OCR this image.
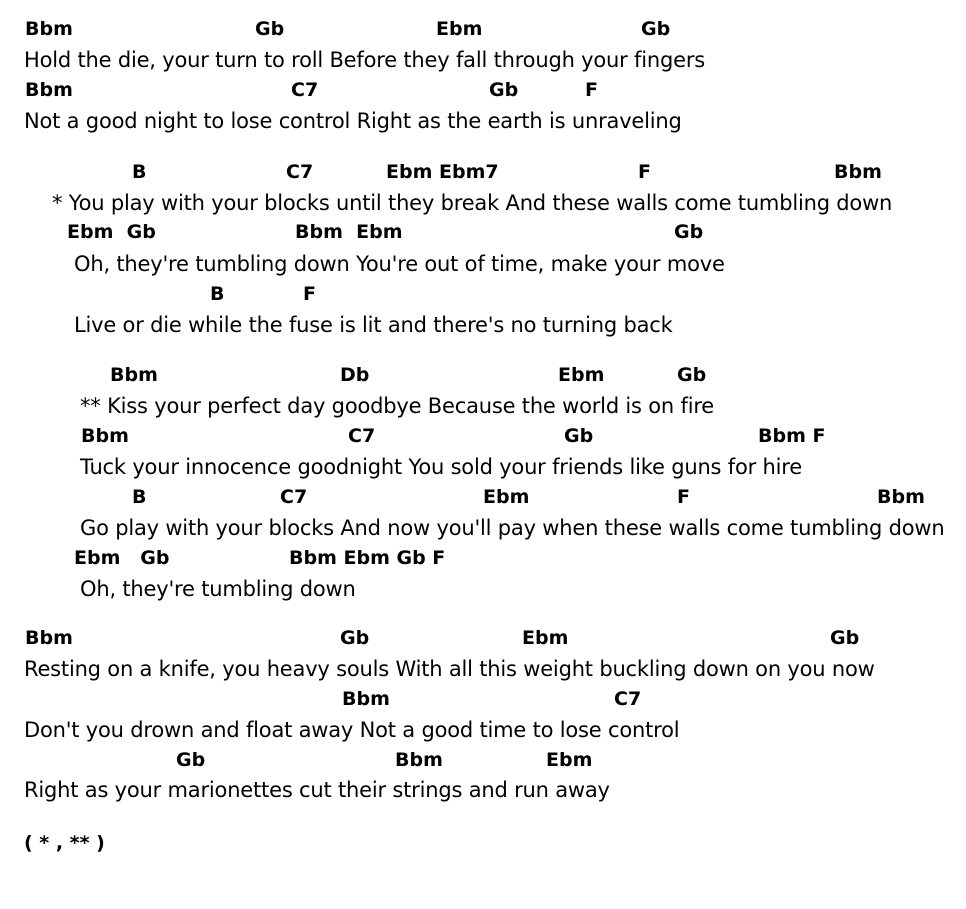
Bbm	Gb	Ebm	Gb
Hold the die, your turn to roll Before they fall through your fingers
Bbm	C7	Gb	F
Not a good night to lose control Right as the earth is unraveling
B	C7	Ebm Ebm7	F	Bbm
* You play with your blocks until they break And these walls come tumbling down
Ebm  Gb	Bbm  Ebm	Gb
Oh, they're tumbling down You're out of time, make your move
B	F
Live or die while the fuse is lit and there's no turning back
Bbm	Db	Ebm	Gb
** Kiss your perfect day goodbye Because the world is on fire
Bbm	C7	Gb	Bbm F
Tuck your innocence goodnight You sold your friends like guns for hire
B	C7	Ebm	F	Bbm
Go play with your blocks And now you'll pay when these walls come tumbling down
Ebm   Gb	Bbm Ebm Gb F
Oh, they're tumbling down
Bbm	Gb	Ebm	Gb
Resting on a knife, you heavy souls With all this weight buckling down on you now
Bbm	C7
Don't you drown and float away Not a good time to lose control
Gb	Bbm	Ebm
Right as your marionettes cut their strings and run away
( * , ** )
